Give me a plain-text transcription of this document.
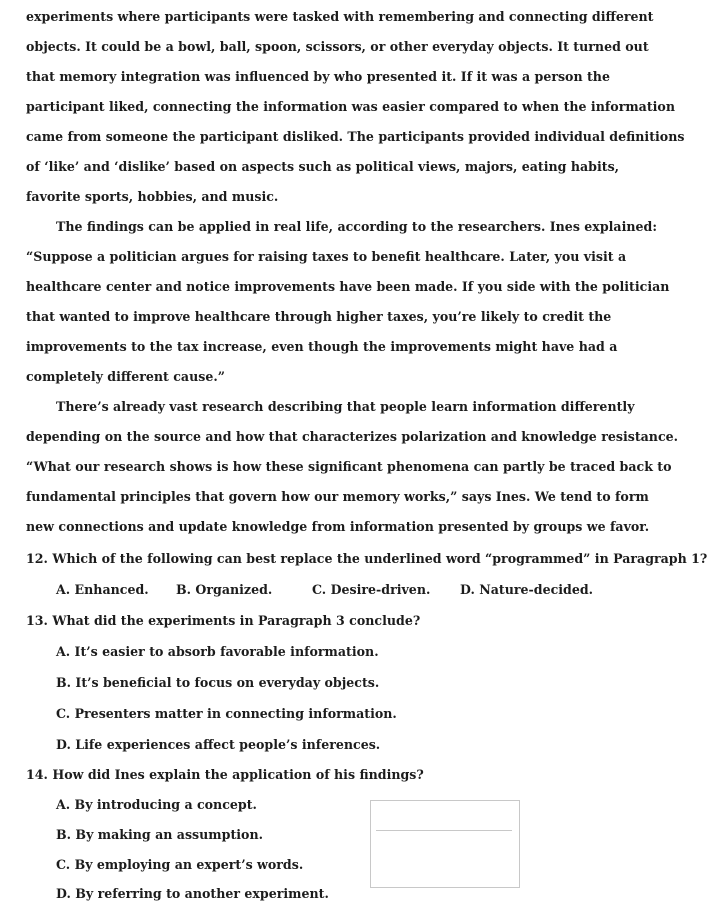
experiments where participants were tasked with remembering and connecting different
objects. It could be a bowl, ball, spoon, scissors, or other everyday objects. It turned out
that memory integration was influenced by who presented it. If it was a person the
participant liked, connecting the information was easier compared to when the information
came from someone the participant disliked. The participants provided individual definitions
of ‘like’ and ‘dislike’ based on aspects such as political views, majors, eating habits,
favorite sports, hobbies, and music.
The findings can be applied in real life, according to the researchers. Ines explained:
“Suppose a politician argues for raising taxes to benefit healthcare. Later, you visit a
healthcare center and notice improvements have been made. If you side with the politician
that wanted to improve healthcare through higher taxes, you’re likely to credit the
improvements to the tax increase, even though the improvements might have had a
completely different cause.”
There’s already vast research describing that people learn information differently
depending on the source and how that characterizes polarization and knowledge resistance.
“What our research shows is how these significant phenomena can partly be traced back to
fundamental principles that govern how our memory works,” says Ines. We tend to form
new connections and update knowledge from information presented by groups we favor.
12. Which of the following can best replace the underlined word “programmed” in Paragraph 1?
A. Enhanced. B. Organized.	C. Desire-driven. D. Nature-decided.
13. What did the experiments in Paragraph 3 conclude?
A. It’s easier to absorb favorable information.
B. It’s beneficial to focus on everyday objects.
C. Presenters matter in connecting information.
D. Life experiences affect people’s inferences.
14. How did Ines explain the application of his findings?
A. By introducing a concept.
B. By making an assumption.
C. By employing an expert’s words.
D. By referring to another experiment.
